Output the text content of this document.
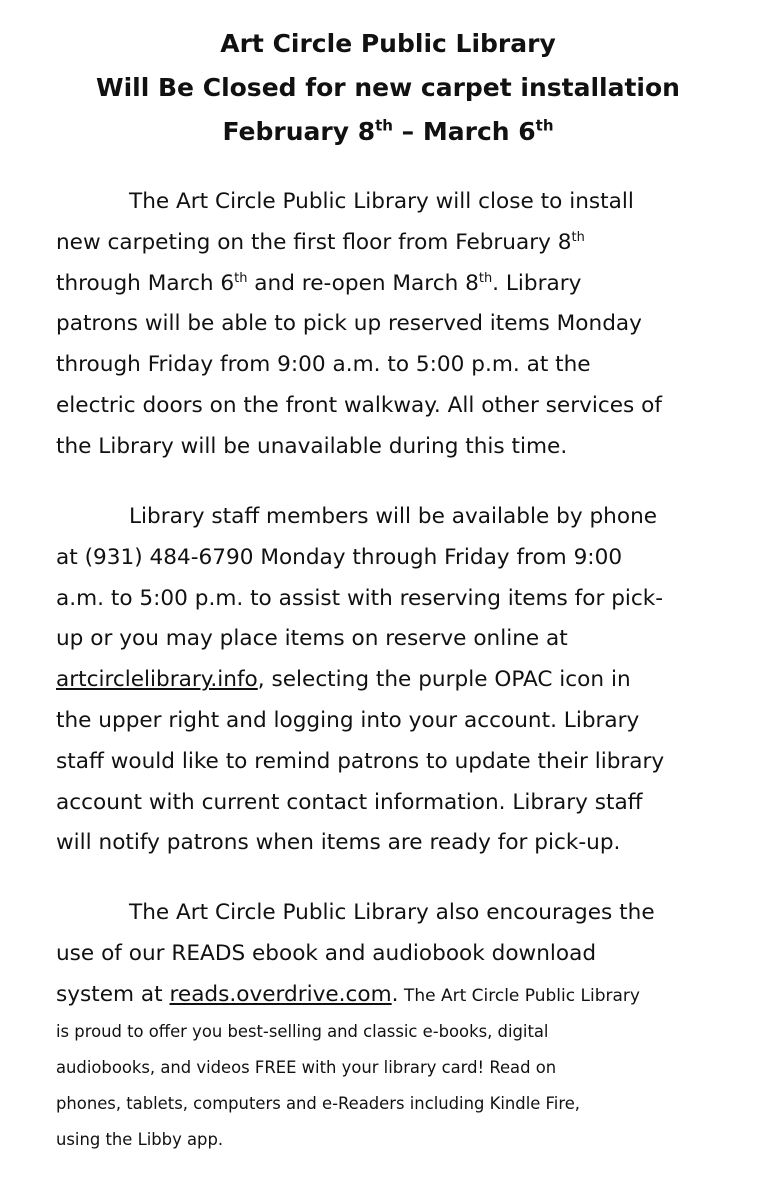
Art Circle Public Library
Will Be Closed for new carpet installation
February 8th – March 6th
The Art Circle Public Library will close to install
new carpeting on the first floor from February 8th
through March 6th and re-open March 8th. Library
patrons will be able to pick up reserved items Monday
through Friday from 9:00 a.m. to 5:00 p.m. at the
electric doors on the front walkway. All other services of
the Library will be unavailable during this time.
Library staff members will be available by phone
at (931) 484-6790 Monday through Friday from 9:00
a.m. to 5:00 p.m. to assist with reserving items for pick-
up or you may place items on reserve online at
artcirclelibrary.info, selecting the purple OPAC icon in
the upper right and logging into your account. Library
staff would like to remind patrons to update their library
account with current contact information. Library staff
will notify patrons when items are ready for pick-up.
The Art Circle Public Library also encourages the
use of our READS ebook and audiobook download
system at reads.overdrive.com. The Art Circle Public Library
is proud to offer you best-selling and classic e-books, digital
audiobooks, and videos FREE with your library card! Read on
phones, tablets, computers and e-Readers including Kindle Fire,
using the Libby app.
